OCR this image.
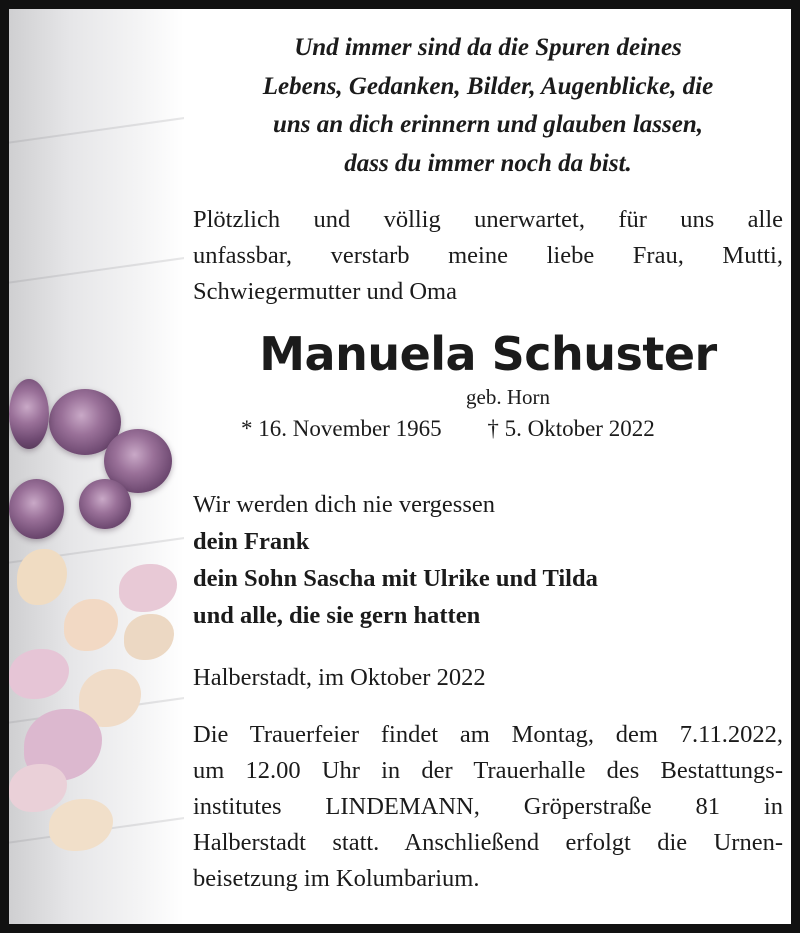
Und immer sind da die Spuren deines
Lebens, Gedanken, Bilder, Augenblicke, die
uns an dich erinnern und glauben lassen,
dass du immer noch da bist.

Plötzlich und völlig unerwartet, für uns alle
unfassbar, verstarb meine liebe Frau, Mutti,
Schwiegermutter und Oma

Manuela Schuster
geb. Horn
* 16. November 1965 † 5. Oktober 2022
Wir werden dich nie vergessen
dein Frank
dein Sohn Sascha mit Ulrike und Tilda
und alle, die sie gern hatten
Halberstadt, im Oktober 2022
Die Trauerfeier findet am Montag, dem 7.11.2022,
um 12.00 Uhr in der Trauerhalle des Bestattungs-
institutes LINDEMANN, Gröperstraße 81 in
Halberstadt statt. Anschließend erfolgt die Urnen-
beisetzung im Kolumbarium.
